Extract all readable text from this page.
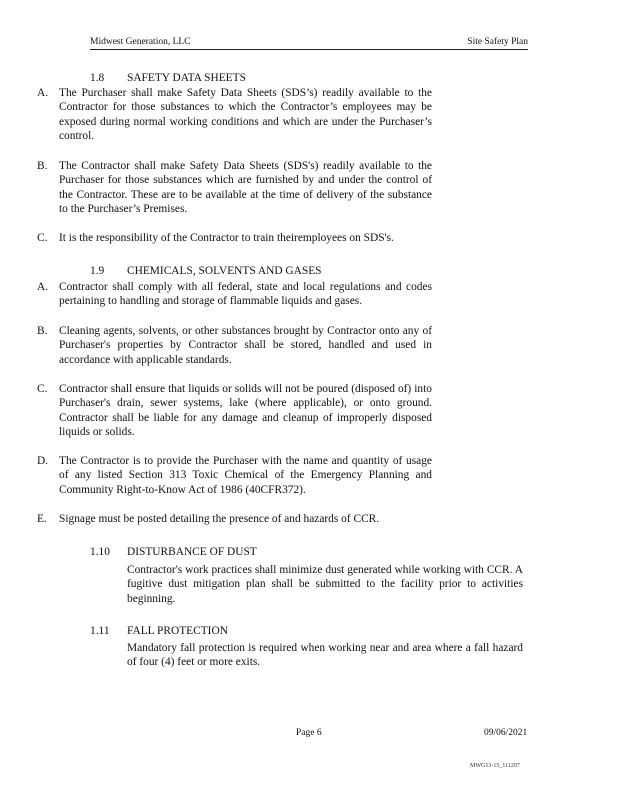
Midwest Generation, LLC	Site Safety Plan
1.8 SAFETY DATA SHEETS
A. The Purchaser shall make Safety Data Sheets (SDS’s) readily available to the Contractor for those substances to which the Contractor’s employees may be exposed during normal working conditions and which are under the Purchaser’s control.
B. The Contractor shall make Safety Data Sheets (SDS's) readily available to the Purchaser for those substances which are furnished by and under the control of the Contractor. These are to be available at the time of delivery of the substance to the Purchaser’s Premises.
C. It is the responsibility of the Contractor to train theiremployees on SDS's.
1.9 CHEMICALS, SOLVENTS AND GASES
A. Contractor shall comply with all federal, state and local regulations and codes pertaining to handling and storage of flammable liquids and gases.
B. Cleaning agents, solvents, or other substances brought by Contractor onto any of Purchaser's properties by Contractor shall be stored, handled and used in accordance with applicable standards.
C. Contractor shall ensure that liquids or solids will not be poured (disposed of) into Purchaser's drain, sewer systems, lake (where applicable), or onto ground. Contractor shall be liable for any damage and cleanup of improperly disposed liquids or solids.
D. The Contractor is to provide the Purchaser with the name and quantity of usage of any listed Section 313 Toxic Chemical of the Emergency Planning and Community Right-to-Know Act of 1986 (40CFR372).
E. Signage must be posted detailing the presence of and hazards of CCR.
1.10 DISTURBANCE OF DUST
Contractor's work practices shall minimize dust generated while working with CCR. A fugitive dust mitigation plan shall be submitted to the facility prior to activities beginning.
1.11 FALL PROTECTION
Mandatory fall protection is required when working near and area where a fall hazard of four (4) feet or more exits.
Page 6	09/06/2021
MWG13-15_111297
